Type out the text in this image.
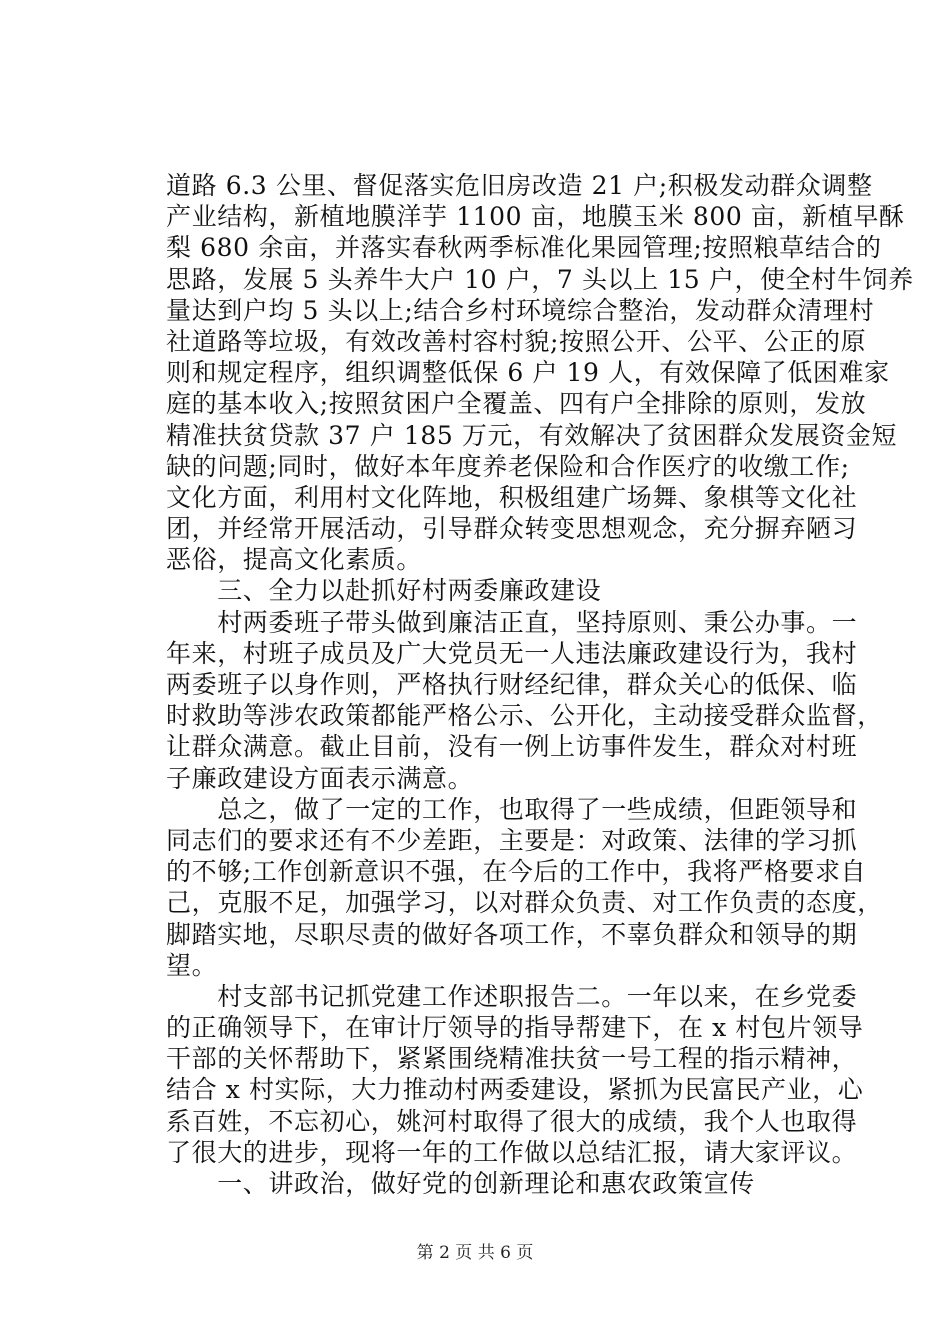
道路 6.3 公里、督促落实危旧房改造 21 户;积极发动群众调整
产业结构，新植地膜洋芋 1100 亩，地膜玉米 800 亩，新植早酥
梨 680 余亩，并落实春秋两季标准化果园管理;按照粮草结合的
思路，发展 5 头养牛大户 10 户，7 头以上 15 户，使全村牛饲养
量达到户均 5 头以上;结合乡村环境综合整治，发动群众清理村
社道路等垃圾，有效改善村容村貌;按照公开、公平、公正的原
则和规定程序，组织调整低保 6 户 19 人，有效保障了低困难家
庭的基本收入;按照贫困户全覆盖、四有户全排除的原则，发放
精准扶贫贷款 37 户 185 万元，有效解决了贫困群众发展资金短
缺的问题;同时，做好本年度养老保险和合作医疗的收缴工作;
文化方面，利用村文化阵地，积极组建广场舞、象棋等文化社
团，并经常开展活动，引导群众转变思想观念，充分摒弃陋习
恶俗，提高文化素质。
　　三、全力以赴抓好村两委廉政建设
　　村两委班子带头做到廉洁正直，坚持原则、秉公办事。一
年来，村班子成员及广大党员无一人违法廉政建设行为，我村
两委班子以身作则，严格执行财经纪律，群众关心的低保、临
时救助等涉农政策都能严格公示、公开化，主动接受群众监督，
让群众满意。截止目前，没有一例上访事件发生，群众对村班
子廉政建设方面表示满意。
　　总之，做了一定的工作，也取得了一些成绩，但距领导和
同志们的要求还有不少差距，主要是：对政策、法律的学习抓
的不够;工作创新意识不强，在今后的工作中，我将严格要求自
己，克服不足，加强学习，以对群众负责、对工作负责的态度，
脚踏实地，尽职尽责的做好各项工作，不辜负群众和领导的期
望。
　　村支部书记抓党建工作述职报告二。一年以来，在乡党委
的正确领导下，在审计厅领导的指导帮建下，在 x 村包片领导
干部的关怀帮助下，紧紧围绕精准扶贫一号工程的指示精神，
结合 x 村实际，大力推动村两委建设，紧抓为民富民产业，心
系百姓，不忘初心，姚河村取得了很大的成绩，我个人也取得
了很大的进步，现将一年的工作做以总结汇报，请大家评议。
　　一、讲政治，做好党的创新理论和惠农政策宣传
第 2 页 共 6 页
